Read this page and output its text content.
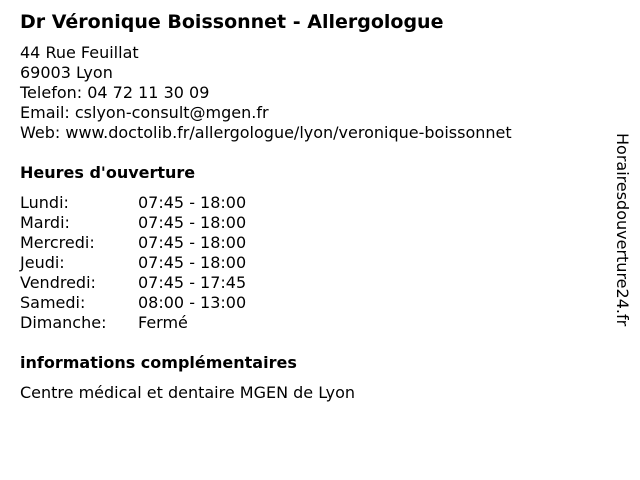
Dr Véronique Boissonnet - Allergologue
44 Rue Feuillat
69003 Lyon
Telefon: 04 72 11 30 09
Email: cslyon-consult@mgen.fr
Web: www.doctolib.fr/allergologue/lyon/veronique-boissonnet
Heures d'ouverture
Lundi:	07:45 - 18:00
Mardi:	07:45 - 18:00
Mercredi:	07:45 - 18:00
Jeudi:	07:45 - 18:00
Vendredi:	07:45 - 17:45
Samedi:	08:00 - 13:00
Dimanche:	Fermé
informations complémentaires
Centre médical et dentaire MGEN de Lyon
Horairesdouverture24.fr
